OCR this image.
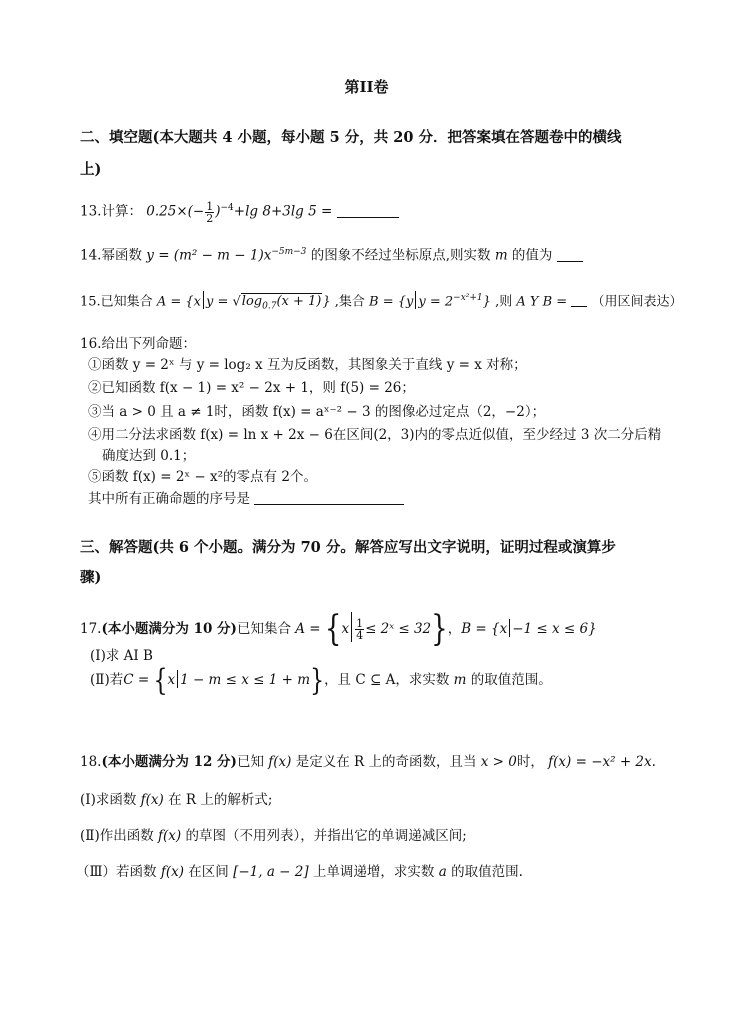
第II卷
二、填空题(本大题共 4 小题，每小题 5 分，共 20 分．把答案填在答题卷中的横线
上)
13.计算： $0.25\times(- \frac{1}{2} )^{-4}+\lg$ 8+3lg 5 =
14.幂函数 $y = (m^2 - m - 1)x^{-5m-3}$ 的图象不经过坐标原点,则实数 m 的值为
15.已知集合 A = {x $y = √\log_{0.7}(x + 1)$} ,集合 B = {y $y = 2^{-x^2+1}$} ,则 A Y B = （用区间表达）
16.给出下列命题：
①函数 y = 2ˣ 与 y = log₂ x 互为反函数，其图象关于直线 y = x 对称；
②已知函数 f(x − 1) = x² − 2x + 1，则 f(5) = 26；
③当 a > 0 且 a ≠ 1时，函数 f(x) = aˣ⁻² − 3 的图像必过定点（2，−2）；
④用二分法求函数 f(x) = ln x + 2x − 6在区间(2，3)内的零点近似值，至少经过 3 次二分后精
确度达到 0.1；
⑤函数 f(x) = 2ˣ − x²的零点有 2个。
其中所有正确命题的序号是
三、解答题(共 6 个小题。满分为 70 分。解答应写出文字说明，证明过程或演算步
骤)
17.(本小题满分为 10 分)已知集合 $A = \{x \frac{1}{4}$ ≤ 2ˣ ≤ 32}，B = {x −1 ≤ x ≤ 6}
(Ⅰ)求 AI B
(Ⅱ)若C = {x 1 − m ≤ x ≤ 1 + m}，且 C ⊆ A，求实数 m 的取值范围。
18.(本小题满分为 12 分)已知 f(x) 是定义在 R 上的奇函数，且当 x > 0时， f(x) = −x² + 2x.
(Ⅰ)求函数 f(x) 在 R 上的解析式;
(Ⅱ)作出函数 f(x) 的草图（不用列表），并指出它的单调递减区间;
（Ⅲ）若函数 f(x) 在区间 [−1, a − 2] 上单调递增，求实数 a 的取值范围.
